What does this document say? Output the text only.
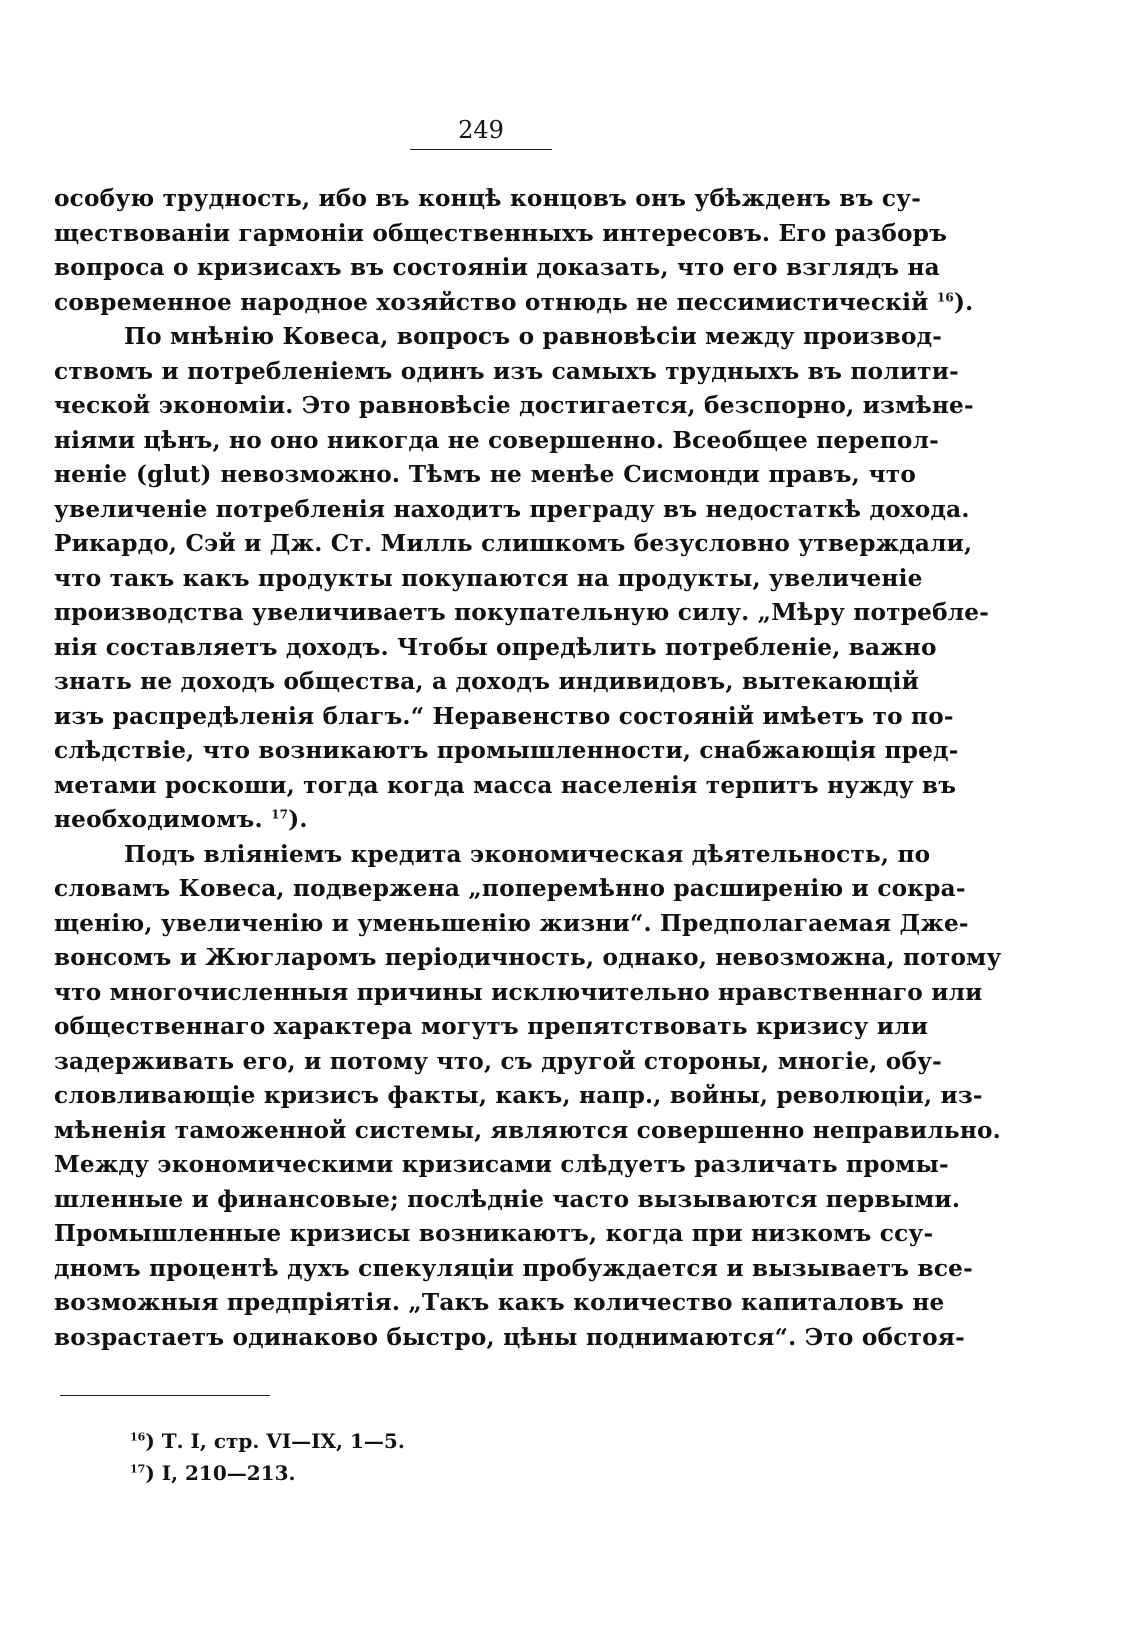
249

особую трудность, ибо въ концѣ концовъ онъ убѣжденъ въ су-
ществованіи гармоніи общественныхъ интересовъ. Его разборъ
вопроса о кризисахъ въ состояніи доказать, что его взглядъ на
современное народное хозяйство отнюдь не пессимистическій $^{16}$).

По мнѣнію Ковеса, вопросъ о равновѣсіи между производ-
ствомъ и потребленіемъ одинъ изъ самыхъ трудныхъ въ полити-
ческой экономіи. Это равновѣсіе достигается, безспорно, измѣне-
ніями цѣнъ, но оно никогда не совершенно. Всеобщее перепол-
неніе (glut) невозможно. Тѣмъ не менѣе Сисмонди правъ, что
увеличеніе потребленія находитъ преграду въ недостаткѣ дохода.
Рикардо, Сэй и Дж. Ст. Милль слишкомъ безусловно утверждали,
что такъ какъ продукты покупаются на продукты, увеличеніе
производства увеличиваетъ покупательную силу. „Мѣру потребле-
нія составляетъ доходъ. Чтобы опредѣлить потребленіе, важно
знать не доходъ общества, а доходъ индивидовъ, вытекающій
изъ распредѣленія благъ.“ Неравенство состояній имѣетъ то по-
слѣдствіе, что возникаютъ промышленности, снабжающія пред-
метами роскоши, тогда когда масса населенія терпитъ нужду въ
необходимомъ. $^{17}$).

Подъ вліяніемъ кредита экономическая дѣятельность, по
словамъ Ковеса, подвержена „поперемѣнно расширенію и сокра-
щенію, увеличенію и уменьшенію жизни“. Предполагаемая Дже-
вонсомъ и Жюгларомъ періодичность, однако, невозможна, потому
что многочисленныя причины исключительно нравственнаго или
общественнаго характера могутъ препятствовать кризису или
задерживать его, и потому что, съ другой стороны, многіе, обу-
словливающіе кризисъ факты, какъ, напр., войны, революціи, из-
мѣненія таможенной системы, являются совершенно неправильно.
Между экономическими кризисами слѣдуетъ различать промы-
шленные и финансовые; послѣдніе часто вызываются первыми.
Промышленные кризисы возникаютъ, когда при низкомъ ссу-
дномъ процентѣ духъ спекуляціи пробуждается и вызываетъ все-
возможныя предпріятія. „Такъ какъ количество капиталовъ не
возрастаетъ одинаково быстро, цѣны поднимаются“. Это обстоя-

$^{16}$) Т. I, стр. VI—IX, 1—5.
$^{17}$) I, 210—213.
